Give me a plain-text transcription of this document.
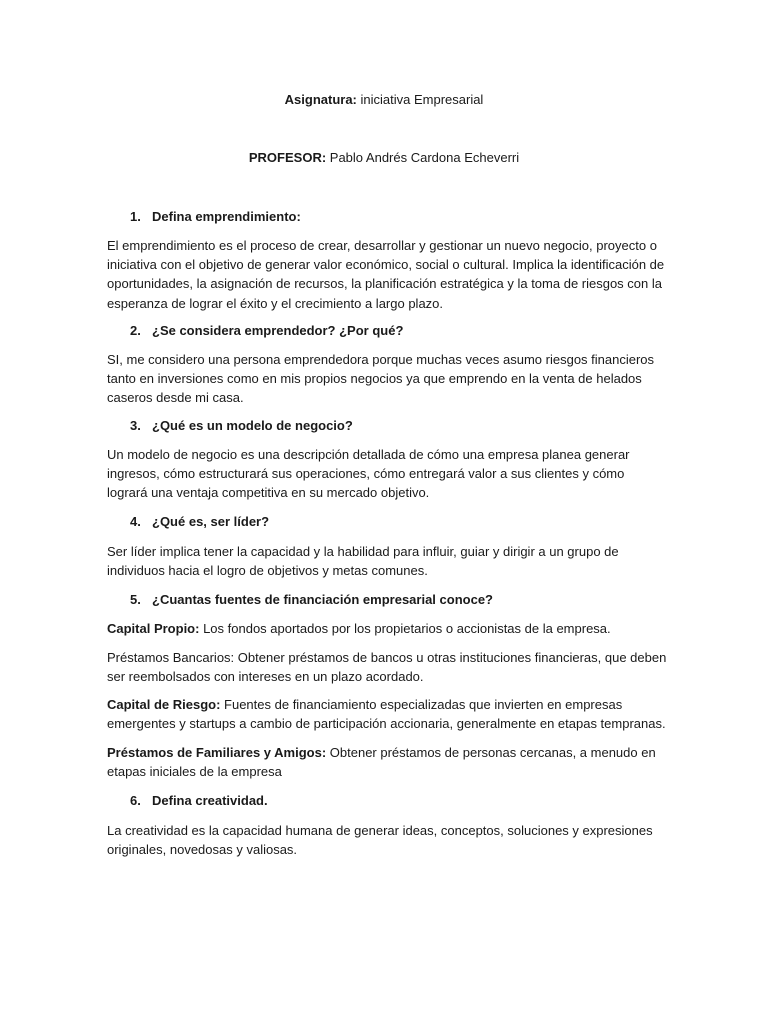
Asignatura: iniciativa Empresarial
PROFESOR: Pablo Andrés Cardona Echeverri
1. Defina emprendimiento:
El emprendimiento es el proceso de crear, desarrollar y gestionar un nuevo negocio, proyecto o iniciativa con el objetivo de generar valor económico, social o cultural. Implica la identificación de oportunidades, la asignación de recursos, la planificación estratégica y la toma de riesgos con la esperanza de lograr el éxito y el crecimiento a largo plazo.
2. ¿Se considera emprendedor? ¿Por qué?
SI, me considero una persona emprendedora porque muchas veces asumo riesgos financieros tanto en inversiones como en mis propios negocios ya que emprendo en la venta de helados caseros desde mi casa.
3. ¿Qué es un modelo de negocio?
Un modelo de negocio es una descripción detallada de cómo una empresa planea generar ingresos, cómo estructurará sus operaciones, cómo entregará valor a sus clientes y cómo logrará una ventaja competitiva en su mercado objetivo.
4. ¿Qué es, ser líder?
Ser líder implica tener la capacidad y la habilidad para influir, guiar y dirigir a un grupo de individuos hacia el logro de objetivos y metas comunes.
5. ¿Cuantas fuentes de financiación empresarial conoce?
Capital Propio: Los fondos aportados por los propietarios o accionistas de la empresa.
Préstamos Bancarios: Obtener préstamos de bancos u otras instituciones financieras, que deben ser reembolsados con intereses en un plazo acordado.
Capital de Riesgo: Fuentes de financiamiento especializadas que invierten en empresas emergentes y startups a cambio de participación accionaria, generalmente en etapas tempranas.
Préstamos de Familiares y Amigos: Obtener préstamos de personas cercanas, a menudo en etapas iniciales de la empresa
6. Defina creatividad.
La creatividad es la capacidad humana de generar ideas, conceptos, soluciones y expresiones originales, novedosas y valiosas.
